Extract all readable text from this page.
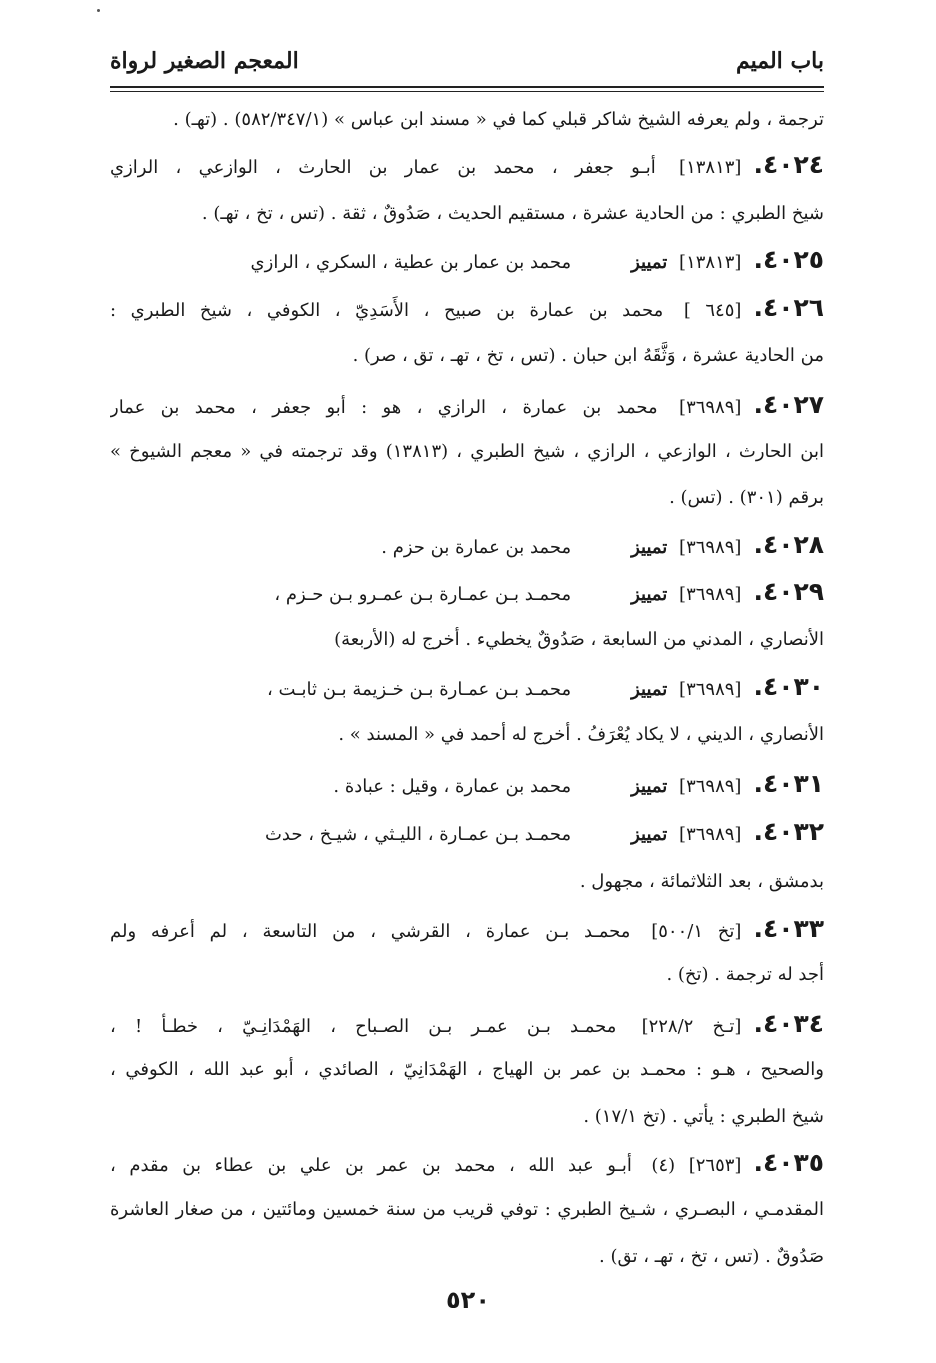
باب الميم
المعجم الصغير لرواة
ترجمة ، ولم يعرفه الشيخ شاكر قبلي كما في « مسند ابن عباس » (٥٨٢/٣٤٧/١) . (تهـ) .
٤٠٢٤.[١٣٨١٣] أبـو جعفر ، محمد بن عمار بن الحارث ، الوازعي ، الرازي
شيخ الطبري : من الحادية عشرة ، مستقيم الحديث ، صَدُوقٌ ، ثقة . (تس ، تخ ، تهـ) .
٤٠٢٥.[١٣٨١٣] تمييزمحمد بن عمار بن عطية ، السكري ، الرازي
٤٠٢٦.[٦٤٥ ] محمد بن عمارة بن صبيح ، الأَسَدِيّ ، الكوفي ، شيخ الطبري :
من الحادية عشرة ، وَثَّقَهُ ابن حبان . (تس ، تخ ، تهـ ، تق ، صر) .
٤٠٢٧.[٣٦٩٨٩] محمد بن عمارة ، الرازي ، هو : أبو جعفر ، محمد بن عمار
ابن الحارث ، الوازعي ، الرازي ، شيخ الطبري ، (١٣٨١٣) وقد ترجمته في « معجم الشيوخ »
برقم (٣٠١) . (تس) .
٤٠٢٨.[٣٦٩٨٩] تمييزمحمد بن عمارة بن حزم .
٤٠٢٩.[٣٦٩٨٩] تمييزمحمـد بـن عمـارة بـن عمـرو بـن حـزم ،
الأنصاري ، المدني من السابعة ، صَدُوقٌ يخطيء . أخرج له (الأربعة)
٤٠٣٠.[٣٦٩٨٩] تمييزمحمـد بـن عمـارة بـن خـزيمة بـن ثابـت ،
الأنصاري ، الديني ، لا يكاد يُعْرَفُ . أخرج له أحمد في « المسند » .
٤٠٣١.[٣٦٩٨٩] تمييزمحمد بن عمارة ، وقيل : عبادة .
٤٠٣٢.[٣٦٩٨٩] تمييزمحمـد بـن عمـارة ، الليـثي ، شيـخ ، حدث
بدمشق ، بعد الثلاثمائة ، مجهول .
٤٠٣٣.[تخ ٥٠٠/١] محمـد بـن عمارة ، القرشي ، من التاسعة ، لم أعرفه ولم
أجد له ترجمة . (تخ) .
٤٠٣٤.[تـخ ٢٢٨/٢] محمـد بـن عمـر بـن الصـباح ، الهَمْدَانِـيّ ، خطـأ ! ،
والصحيح ، هـو : محمـد بن عمر بن الهياج ، الهَمْدَانِيّ ، الصائدي ، أبو عبد الله ، الكوفي ،
شيخ الطبري : يأتي . (تخ ١٧/١) .
٤٠٣٥.[٢٦٥٣] (٤) أبـو عبد الله ، محمد بن عمر بن علي بن عطاء بن مقدم ،
المقدمـي ، البصـري ، شـيخ الطبري : توفي قريب من سنة خمسين ومائتين ، من صغار العاشرة
صَدُوقٌ . (تس ، تخ ، تهـ ، تق) .
٥٢٠
